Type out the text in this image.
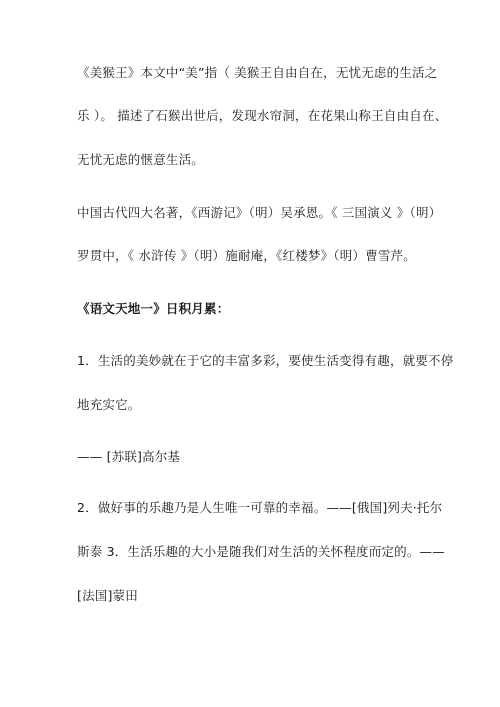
《美猴王》本文中“美”指（ 美猴王自由自在，无忧无虑的生活之
乐 ）。 描述了石猴出世后，发现水帘洞，在花果山称王自由自在、
无忧无虑的惬意生活。
中国古代四大名著，《西游记》（明）吴承恩。《 三国演义 》（明）
罗贯中，《 水浒传 》（明）施耐庵，《红楼梦》（明）曹雪芹。
《语文天地一》日积月累：
1．生活的美妙就在于它的丰富多彩，要使生活变得有趣，就要不停
地充实它。
—— [苏联]高尔基
2．做好事的乐趣乃是人生唯一可靠的幸福。——[俄国]列夫·托尔
斯泰 3．生活乐趣的大小是随我们对生活的关怀程度而定的。——
[法国]蒙田
